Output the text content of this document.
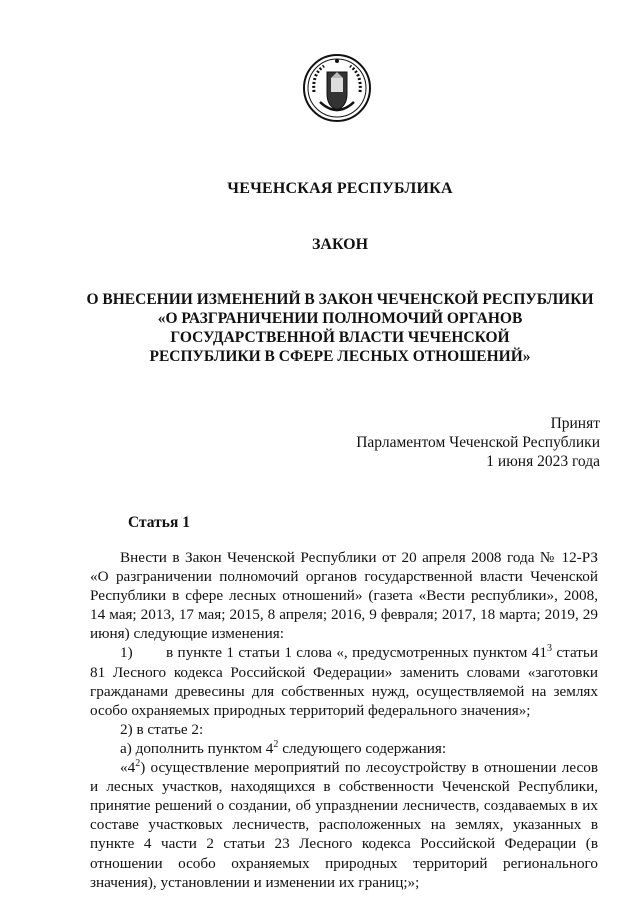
ЧЕЧЕНСКАЯ РЕСПУБЛИКА
ЗАКОН
О ВНЕСЕНИИ ИЗМЕНЕНИЙ В ЗАКОН ЧЕЧЕНСКОЙ РЕСПУБЛИКИ
«О РАЗГРАНИЧЕНИИ ПОЛНОМОЧИЙ ОРГАНОВ
ГОСУДАРСТВЕННОЙ ВЛАСТИ ЧЕЧЕНСКОЙ
РЕСПУБЛИКИ В СФЕРЕ ЛЕСНЫХ ОТНОШЕНИЙ»
Принят
Парламентом Чеченской Республики
1 июня 2023 года
Статья 1

Внести в Закон Чеченской Республики от 20 апреля 2008 года № 12-РЗ «О разграничении полномочий органов государственной власти Чеченской Республики в сфере лесных отношений» (газета «Вести республики», 2008, 14 мая; 2013, 17 мая; 2015, 8 апреля; 2016, 9 февраля; 2017, 18 марта; 2019, 29 июня) следующие изменения:

1) в пункте 1 статьи 1 слова «, предусмотренных пунктом $41^3$ статьи 81 Лесного кодекса Российской Федерации» заменить словами «заготовки гражданами древесины для собственных нужд, осуществляемой на землях особо охраняемых природных территорий федерального значения»;

2) в статье 2:

а) дополнить пунктом $4^2$ следующего содержания:

«$4^2$) осуществление мероприятий по лесоустройству в отношении лесов и лесных участков, находящихся в собственности Чеченской Республики, принятие решений о создании, об упразднении лесничеств, создаваемых в их составе участковых лесничеств, расположенных на землях, указанных в пункте 4 части 2 статьи 23 Лесного кодекса Российской Федерации (в отношении особо охраняемых природных территорий регионального значения), установлении и изменении их границ;»;
